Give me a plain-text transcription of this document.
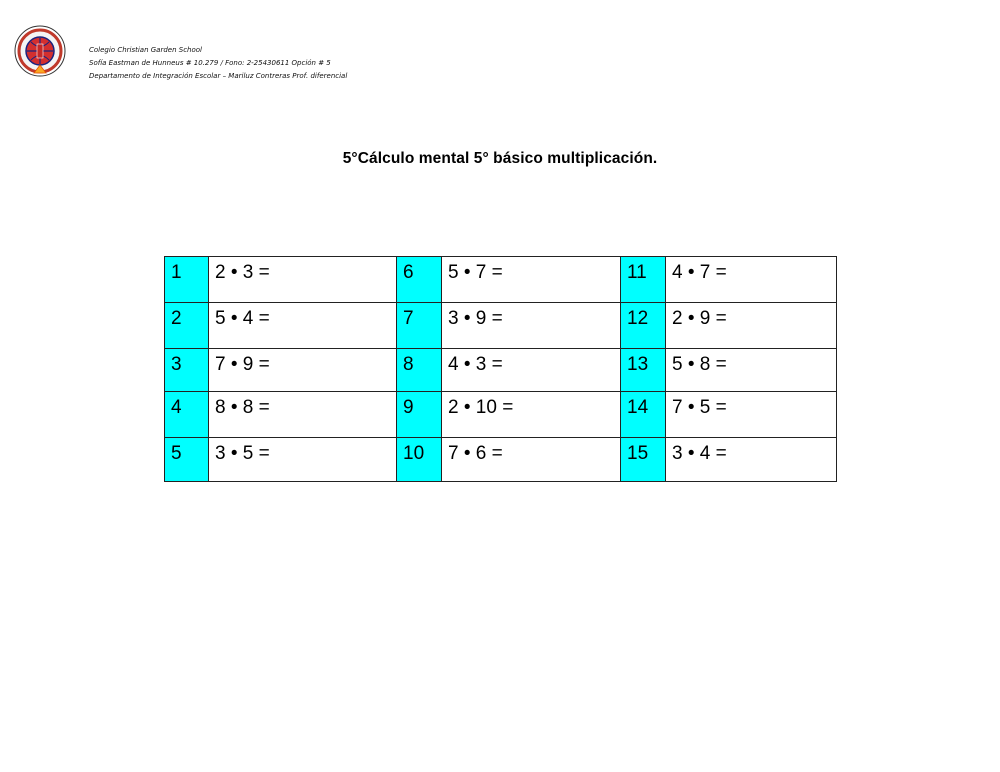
Colegio Christian Garden School
Sofía Eastman de Hunneus # 10.279 / Fono: 2-25430611 Opción # 5
Departamento de Integración Escolar – Mariluz Contreras Prof. diferencial
5°Cálculo mental 5° básico multiplicación.
1	2 • 3 =	6	5 • 7 =	11	4 • 7 =
2	5 • 4 =	7	3 • 9 =	12	2 • 9 =
3	7 • 9 =	8	4 • 3 =	13	5 • 8 =
4	8 • 8 =	9	2 • 10 =	14	7 • 5 =
5	3 • 5 =	10	7 • 6 =	15	3 • 4 =
